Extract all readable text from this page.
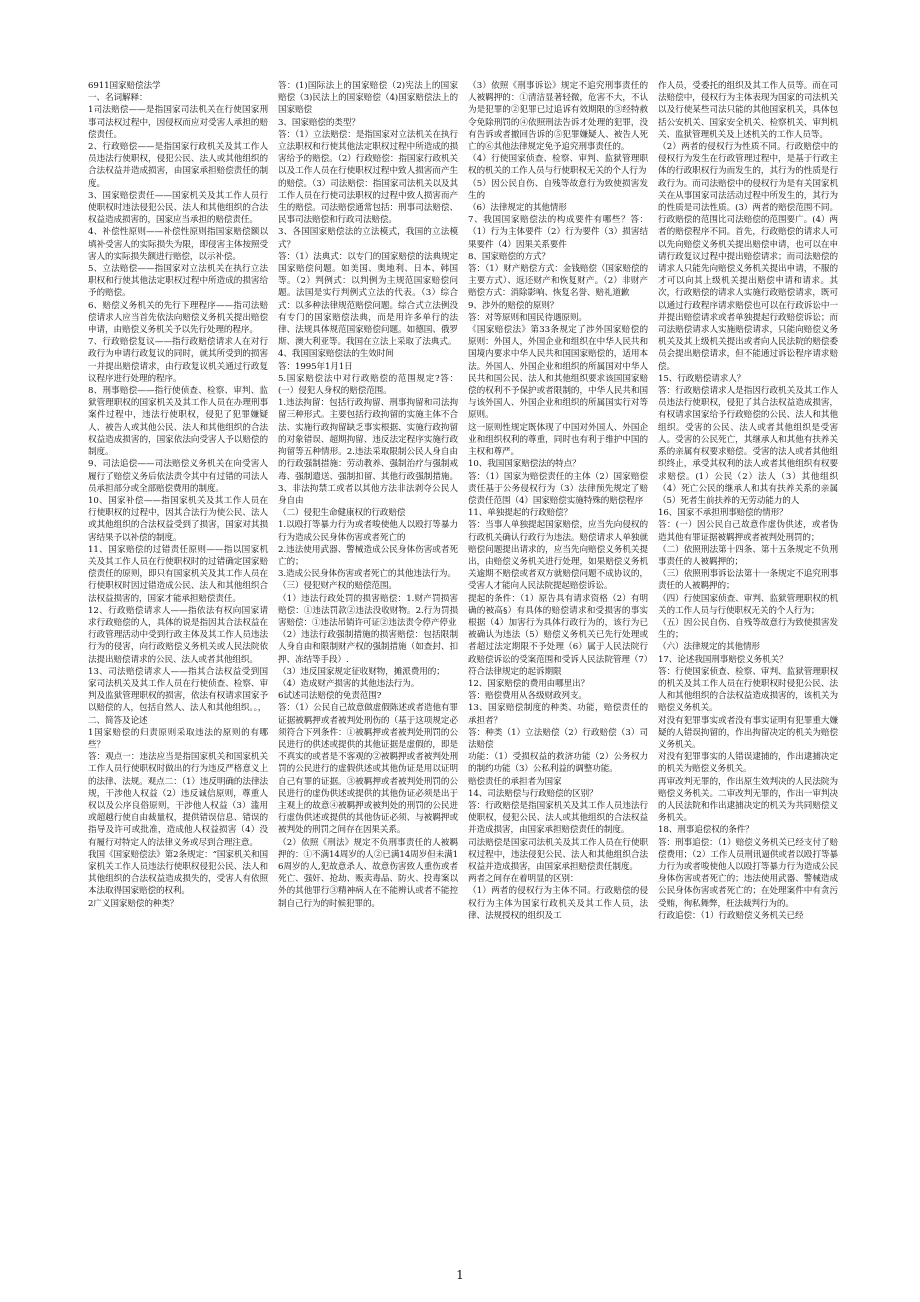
6911国家赔偿法学

一、名词解释：

1司法赔偿——是指国家司法机关在行使国家刑事司法权过程中，因侵权而应对受害人承担的赔偿责任。

2、行政赔偿——是指国家行政机关及其工作人员违法行使职权，侵犯公民、法人或其他组织的合法权益并造成损害，由国家承担赔偿责任的制度。

3、国家赔偿责任——国家机关及其工作人员行使职权时违法侵犯公民、法人和其他组织的合法权益造成损害的，国家应当承担的赔偿责任。

4、补偿性原则——补偿性原则指国家赔偿额以填补受害人的实际损失为限，即侵害主体按照受害人的实际损失额进行赔偿，以示补偿。

5、立法赔偿——指国家对立法机关在执行立法职权和行使其他法定职权过程中所造成的损害给予的赔偿。

6、赔偿义务机关的先行下理程序——指司法赔偿请求人应当首先依法向赔偿义务机关提出赔偿申请，由赔偿义务机关予以先行处理的程序。

7、行政赔偿复议——指行政赔偿请求人在对行政行为申请行政复议的同时，就其所受到的损害一并提出赔偿请求，由行政复议机关通过行政复议程序进行处理的程序。

8、刑事赔偿——指行使侦查、检察、审判、监狱管理职权的国家机关及其工作人员在办理刑事案件过程中，违法行使职权，侵犯了犯罪嫌疑人、被告人或其他公民、法人和其他组织的合法权益造成损害的，国家依法向受害人予以赔偿的制度。

9、司法追偿——司法赔偿义务机关在向受害人履行了赔偿义务后依法责令其中有过错的司法人员承担部分或全部赔偿费用的制度。

10、国家补偿——指国家机关及其工作人员在行使职权的过程中，因其合法行为使公民、法人或其他组织的合法权益受到了损害，国家对其损害结果予以补偿的制度。

11、国家赔偿的过错责任原则——指以国家机关及其工作人员在行使职权时的过错确定国家赔偿责任的原则，即只有国家机关及其工作人员在行使职权时因过错造成公民、法人和其他组织合法权益损害的，国家才能承担赔偿责任。

12、行政赔偿请求人——指依法有权向国家请求行政赔偿的人，具体的说是指因其合法权益在行政管理活动中受到行政主体及其工作人员违法行为的侵害，向行政赔偿义务机关或人民法院依法提出赔偿请求的公民、法人或者其他组织。

13、司法赔偿请求人——指其合法权益受到国家司法机关及其工作人员在行使侦查、检察、审判及监狱管理职权的损害，依法有权请求国家予以赔偿的人，包括自然人、法人和其他组织。。，

二、简答及论述

1国家赔偿的归责原则采取违法的原则的有哪些？

答：观点一：违法应当是指国家机关和国家机关工作人员行使职权时做出的行为违反严格意义上的法律、法规。观点二：（1）违反明确的法律法规，干涉他人权益（2）违反诚信原则，尊重人权以及公序良俗原则，干涉他人权益（3）滥用或超越行使自由裁量权，提供错误信息、错误的指导及许可或批准，造成他人权益损害（4）没有履行对特定人的法律义务或尽到合理注意。

我国《国家赔偿法》第2条规定：“国家机关和国家机关工作人员违法行使职权侵犯公民、法人和其他组织的合法权益造成损失的，受害人有依照本法取得国家赔偿的权利。

2广义国家赔偿的种类？

答：(1)国际法上的国家赔偿（2)宪法上的国家赔偿（3)民法上的国家赔偿（4)国家赔偿法上的国家赔偿

3、国家赔偿的类型？

答：（1）立法赔偿：是指国家对立法机关在执行立法职权和行使其他法定职权过程中所造成的损害给予的赔偿。（2）行政赔偿：指国家行政机关以及工作人员在行使职权过程中致人损害而产生的赔偿。（3）司法赔偿：指国家司法机关以及其工作人员在行使司法职权的过程中致人损害而产生的赔偿。司法赔偿通常包括：刑事司法赔偿、民事司法赔偿和行政司法赔偿。

3、各国国家赔偿法的立法模式，我国的立法模式？

答：（1）法典式：以专门的国家赔偿的法典规定国家赔偿问题。如美国、奥地利、日本、韩国等。（2）判例式：以判例为主规范国家赔偿问题。法国是实行判例式立法的代表。（3）综合式：以多种法律规范赔偿问题。综合式立法例没有专门的国家赔偿法典，而是用许多单行的法律、法规具体规范国家赔偿问题。如德国、俄罗斯、澳大利亚等。我国在立法上采取了法典式。

4、我国国家赔偿法的生效时间

答：1995年1月1日

5.国家赔偿法中对行政赔偿的范围规定?答：(一）侵犯人身权的赔偿范围。

1.违法拘留：包括行政拘留、刑事拘留和司法拘留三种形式。主要包括行政拘留的实施主体不合法、实施行政拘留缺乏事实根据、实施行政拘留的对象错误、超期拘留、违反法定程序实施行政拘留等五种情形。2.违法采取限制公民人身自由的行政强制措施：劳动教养、强制治疗与强制戒毒、强制遣送、强制扣留、其他行政强制措施。3、非法拘禁工或者以其他方法非法剥夺公民人身自由

（二）侵犯生命健康权的行政赔偿

1.以殴打等暴力行为或者唆使他人以殴打等暴力行为造成公民身体伤害或者死亡的

2.违法使用武器、警械造成公民身体伤害或者死亡的；

3.造成公民身体伤害或者死亡的其他违法行为。

（三）侵犯财产权的赔偿范围。

（1）违法行政处罚的损害赔偿：1.财产罚损害赔偿：①违法罚款②违法没收财物。2.行为罚损害赔偿：①违法吊销许可证②违法责令停产停业

（2）违法行政强制措施的损害赔偿：包括限制人身自由和限制财产权的强制措施（如查封、扣押、冻结等手段）.

（3）违反国家规定征收财物，摊派费用的；

（4）造成财产损害的其他违法行为。

6试述司法赔偿的免责范围?

答：（1）公民自己故意做虚假陈述或者造他有罪证据被羁押或者被判处刑伤的（基于这项规定必须符合下列条件：①被羁押或者被判处刑罚的公民进行的供述或提供的其他证据是虚假的，即是不真实的或者是不客观的②被羁押或者被判处刑罚的公民进行的虚假供述或其他伪证是用以证明自己有罪的证据。③被羁押或者被判处刑罚的公民进行的虚伪供述或提供的其他伪证必须是出于主观上的故意④被羁押或被判处的刑罚的公民进行虚伪供述或提供的其他伪证必须、与被羁押或被判处的刑罚之间存在因果关系。

（2）依照《刑法》规定不负刑事责任的人被羁押的：①不满14周岁的人②已满14周岁但未满16周岁的人,犯故意杀人、故意伤害致人重伤或者死亡、强奸、抢劫、贩卖毒品、防火、投毒案以外的其他罪行③精神病人在不能辨认或者不能控制自己行为的时候犯罪的。

（3）依照《刑事诉讼》规定不追究刑事责任的人被羁押的：①清洁显著轻微，危害不大，不认为是犯罪的②犯罪已过追诉有效期限的③经特赦令免除刑罚的④依照刑法告诉才处理的犯罪，没有告诉或者撤回告诉的⑤犯罪嫌疑人、被告人死亡的⑥其他法律规定免予追究刑事责任的。

（4）行使国家侦查、检察、审判、监狱管理职权的机关的工作人员与行使职权无关的个人行为

（5）因公民自伤、自残等故意行为致使损害发生的

（6）法律规定的其他情形

7、我国国家赔偿法的构成要件有哪些？答：（1）行为主体要件（2）行为要件（3）损害结果要件（4）因果关系要件

8、国家赔偿的方式？

答：（1）财产赔偿方式：金钱赔偿（国家赔偿的主要方式）、返还财产和恢复财产。（2）非财产赔偿方式：消除影响、恢复名誉、赔礼道歉

9、涉外的赔偿的原则？

答：对等原则和国民待遇原则。

《国家赔偿法》第33条规定了涉外国家赔偿的原则：外国人，外国企业和组织在中华人民共和国境内要求中华人民共和国国家赔偿的，适用本法。外国人、外国企业和组织的所属国对中华人民共和国公民、法人和其他组织要求该国国家赔偿的权利不予保护或者限制的，中华人民共和国与该外国人、外国企业和组织的所属国实行对等原则。

这一原则性规定既体现了中国对外国人、外国企业和组织权利的尊重，同时也有利于维护中国的主权和尊严。

10、我国国家赔偿法的特点？

答：（1）国家为赔偿责任的主体（2）国家赔偿责任基于公务侵权行为（3）法律预先规定了赔偿责任范围（4）国家赔偿实施特殊的赔偿程序

11、单独提起的行政赔偿？

答：当事人单独提起国家赔偿，应当先向侵权的行政机关确认行政行为违法。赔偿请求人单独就赔偿问题提出请求的，应当先向赔偿义务机关提出，由赔偿义务机关进行处理，如果赔偿义务机关逾期不赔偿或者双方就赔偿问题不成协议的，受害人才能向人民法院提起赔偿诉讼。

提起的条件：（1）原告具有请求资格（2）有明确的被高§）有具体的赔偿请求和受损害的事实根据（4）加害行为具体行政行为的，该行为已被确认为违法（5）赔偿义务机关已先行处理或者超过法定期限不予处理（6）属于人民法院行政赔偿诉讼的受案范围和受诉人民法院管理（7）符合法律规定的起诉期限

12、国家赔偿的费用由哪里出？

答：赔偿费用从各级财政列支。

13、国家赔偿制度的种类、功能，赔偿责任的承担者？

答：种类（1）立法赔偿（2）行政赔偿（3）司法赔偿

功能：（1）受损权益的救济功能（2）公务权力的制约功能（3）公私利益的调整功能。

赔偿责任的承担者为国家

14、司法赔偿与行政赔偿的区别？

答：行政赔偿是指国家机关及其工作人员违法行使职权，侵犯公民、法人或其他组织的合法权益并造成损害，由国家承担赔偿责任的制度。

司法赔偿是国家司法机关及其工作人员在行使职权过程中，违法侵犯公民、法人和其他组织合法权益并造成损害，由国家承担赔偿责任制度。

两者之间存在着明显的区别：

（1）两者的侵权行为主体不同。行政赔偿的侵权行为主体为国家行政机关及其工作人员，法律、法规授权的组织及工

作人员，受委托的组织及其工作人员等。而在司法赔偿中，侵权行为主体表现为国家的司法机关以及行使某些司法只能的其他国家机关，具体包括公安机关、国家安全机关、检察机关、审判机关、监狱管理机关及上述机关的工作人员等。

（2）两者的侵权行为性质不同。行政赔偿中的侵权行为发生在行政管理过程中，是基于行政主体的行政职权行为而发生的，其行为的性质是行政行为。而司法赔偿中的侵权行为是有关国家机关在从事国家司法活动过程中所发生的，其行为的性质是司法性质。(3）两者的赔偿范围不同。行政赔偿的范围比司法赔偿的范围要广。(4）两者的赔偿程序不同。首先，行政赔偿的请求人可以先向赔偿义务机关提出赔偿申请，也可以在申请行政复议过程中提出赔偿请求；而司法赔偿的请求人只能先向赔偿义务机关提出申请，不服的才可以向其上级机关提出赔偿申请和请求。其次，行政赔偿的请求人实施行政赔偿请求，既可以通过行政程序请求赔偿也可以在行政诉讼中一并提出赔偿请求或者单独提起行政赔偿诉讼；而司法赔偿请求人实施赔偿请求，只能向赔偿义务机关及其上级机关提出或者向人民法院的赔偿委员会提出赔偿请求，但不能通过诉讼程序请求赔偿。

15、行政赔偿请求人？

答：行政赔偿请求人是指因行政机关及其工作人员违法行使职权，侵犯了其合法权益造成损害，有权请求国家给予行政赔偿的公民、法人和其他组织。受害的公民、法人或者其他组织是受害人。受害的公民死亡，其继承人和其他有扶养关系的亲属有权要求赔偿。受害的法人或者其他组织终止，承受其权利的法人或者其他组织有权要求赔偿。(1）公民（2）法人（3）其他组织（4）死亡公民的继承人和其有扶养关系的亲属（5）死者生前扶养的无劳动能力的人

16、国家不承担刑事赔偿的情形？

答：(一）因公民自己故意作虚伪供述，或者伪造其他有罪证据被羁押或者被判处刑罚的；

（二）依照刑法第十四条、第十五条规定不负刑事责任的人被羁押的；

（三）依照刑事诉讼法第十一条规定不追究刑事责任的人被羁押的；

（四）行使国家侦查、审判、监狱管理职权的机关的工作人员与行使职权无关的个人行为；

（五）因公民自伤、自残等故意行为致使损害发生的；

（六）法律规定的其他情形

17、论述我国刑事赔偿义务机关？

答：行使国家侦查、检察、审判、监狱管理职权的机关及其工作人员在行使职权时侵犯公民、法人和其他组织的合法权益造成损害的，该机关为赔偿义务机关。

对没有犯罪事实或者没有事实证明有犯罪重大嫌疑的人错误拘留的，作出拘留决定的机关为赔偿义务机关。

对没有犯罪事实的人错误逮捕的，作出逮捕决定的机关为赔偿义务机关。

再审改判无罪的，作出原生效判决的人民法院为赔偿义务机关。二审改判无罪的，作出一审判决的人民法院和作出逮捕决定的机关为共同赔偿义务机关。

18、刑事追偿权的条件？

答：刑事追偿：（1）赔偿义务机关已经支付了赔偿费用；（2）工作人员刑讯逼供或者以殴打等暴力行为或者唆使他人以殴打等暴力行为造成公民身体伤害或者死亡的；违法使用武器、警械造成公民身体伤害或者死亡的；在处理案件中有贪污受贿，徇私舞弊，枉法裁判行为的。

行政追偿：（1）行政赔偿义务机关已经

1
